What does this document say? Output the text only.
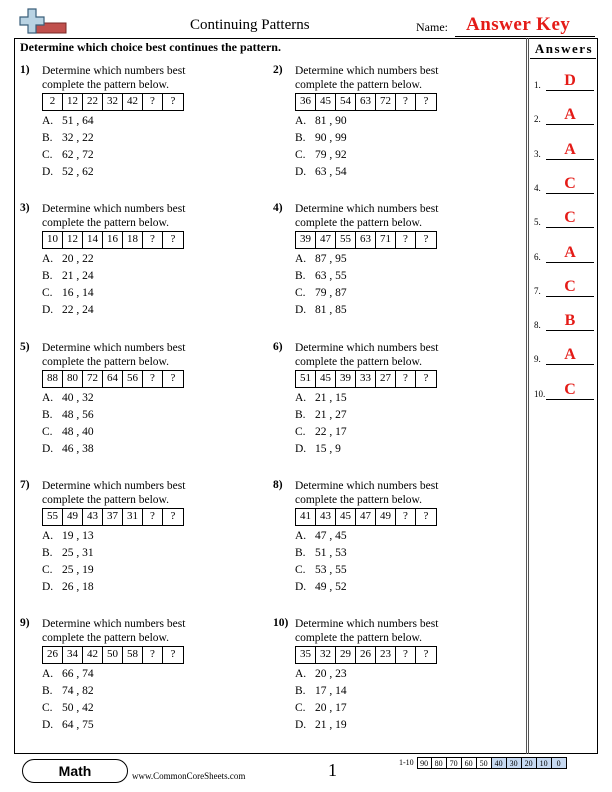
Continuing Patterns	Name: Answer Key
Determine which choice best continues the pattern.	Answers
1.	D
2.	A
3.	A
4.	C
5.	C
6.	A
7.	C
8.	B
9.	A
10.	C
1) Determine which numbers best complete the pattern below.
2	12 22 32 42	?	?
A. 51 , 64
B. 32 , 22
C. 62 , 72
D. 52 , 62
2) Determine which numbers best complete the pattern below.
36 45 54 63 72	?	?
A. 81 , 90
B. 90 , 99
C. 79 , 92
D. 63 , 54
3) Determine which numbers best complete the pattern below.
10 12 14 16 18	?	?
A. 20 , 22
B. 21 , 24
C. 16 , 14
D. 22 , 24
4) Determine which numbers best complete the pattern below.
39 47 55 63 71	?	?
A. 87 , 95
B. 63 , 55
C. 79 , 87
D. 81 , 85
5) Determine which numbers best complete the pattern below.
88 80 72 64 56	?	?
A. 40 , 32
B. 48 , 56
C. 48 , 40
D. 46 , 38
6) Determine which numbers best complete the pattern below.
51 45 39 33 27	?	?
A. 21 , 15
B. 21 , 27
C. 22 , 17
D. 15 , 9
7) Determine which numbers best complete the pattern below.
55 49 43 37 31	?	?
A. 19 , 13
B. 25 , 31
C. 25 , 19
D. 26 , 18
8) Determine which numbers best complete the pattern below.
41 43 45 47 49	?	?
A. 47 , 45
B. 51 , 53
C. 53 , 55
D. 49 , 52
9) Determine which numbers best complete the pattern below.
26 34 42 50 58	?	?
A. 66 , 74
B. 74 , 82
C. 50 , 42
D. 64 , 75
10) Determine which numbers best complete the pattern below.
35 32 29 26 23	?	?
A. 20 , 23
B. 17 , 14
C. 20 , 17
D. 21 , 19
Math	www.CommonCoreSheets.com	1	1-10 90 80 70 60 50 40 30 20 10	0
